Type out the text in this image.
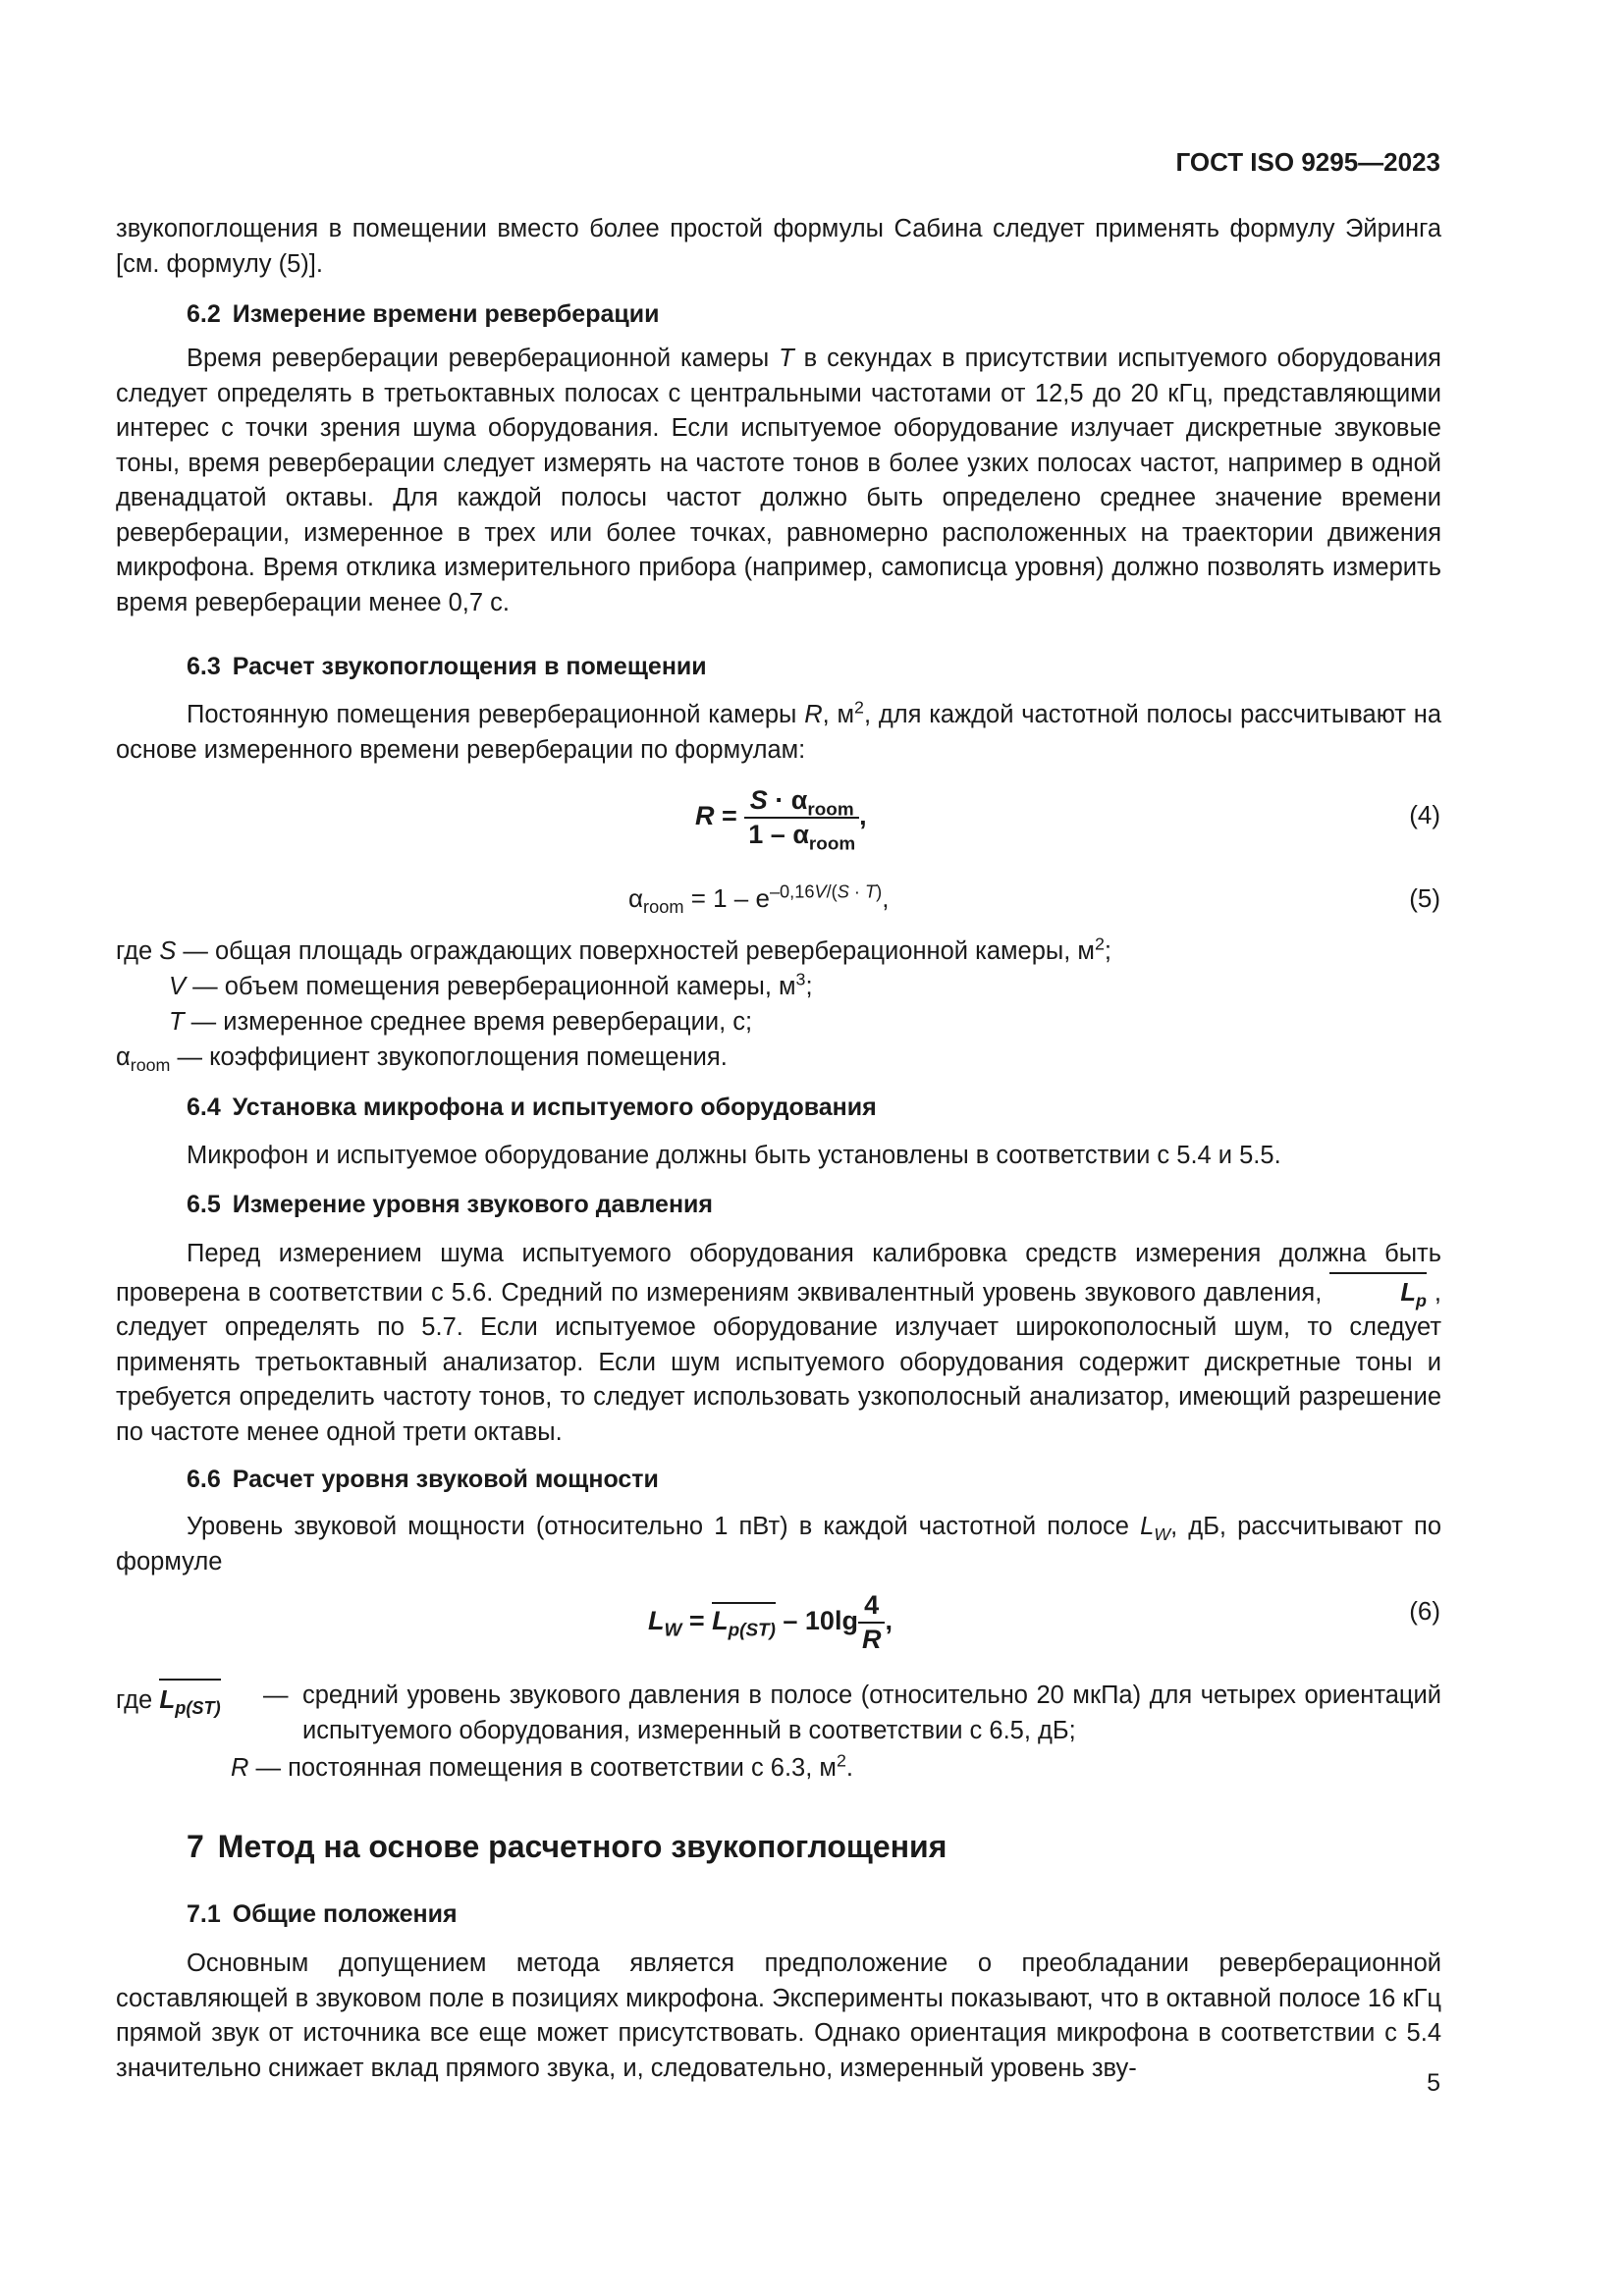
ГОСТ ISO 9295—2023

звукопоглощения в помещении вместо более простой формулы Сабина следует применять формулу Эйринга [см. формулу (5)].

6.2 Измерение времени реверберации

Время реверберации реверберационной камеры T в секундах в присутствии испытуемого оборудования следует определять в третьоктавных полосах с центральными частотами от 12,5 до 20 кГц, представляющими интерес с точки зрения шума оборудования. Если испытуемое оборудование излучает дискретные звуковые тоны, время реверберации следует измерять на частоте тонов в более узких полосах частот, например в одной двенадцатой октавы. Для каждой полосы частот должно быть определено среднее значение времени реверберации, измеренное в трех или более точках, равномерно расположенных на траектории движения микрофона. Время отклика измерительного прибора (например, самописца уровня) должно позволять измерить время реверберации менее 0,7 с.

6.3 Расчет звукопоглощения в помещении

Постоянную помещения реверберационной камеры R, $м^2$, для каждой частотной полосы рассчитывают на основе измеренного времени реверберации по формулам:

$R = \frac{S \cdot \alpha_{room}}{1 - \alpha_{room}}$ ,	(4)
$\alpha_{room} = 1 - e^{-0,16V/(S \cdot T)}$,	(5)
где S — общая площадь ограждающих поверхностей реверберационной камеры, $м^2$;
V — объем помещения реверберационной камеры, $м^3$;
T — измеренное среднее время реверберации, с;
$\alpha_{room}$ — коэффициент звукопоглощения помещения.
6.4 Установка микрофона и испытуемого оборудования

Микрофон и испытуемое оборудование должны быть установлены в соответствии с 5.4 и 5.5.

6.5 Измерение уровня звукового давления

Перед измерением шума испытуемого оборудования калибровка средств измерения должна быть проверена в соответствии с 5.6. Средний по измерениям эквивалентный уровень звукового давления,	$L_p$ , следует определять по 5.7. Если испытуемое оборудование излучает широкополосный шум, то следует применять третьоктавный анализатор. Если шум испытуемого оборудования содержит дискретные тоны и требуется определить частоту тонов, то следует использовать узкополосный анализатор, имеющий разрешение по частоте менее одной трети октавы.

6.6 Расчет уровня звуковой мощности

Уровень звуковой мощности (относительно 1 пВт) в каждой частотной полосе $L_W$, дБ, рассчитывают по формуле

$L_W = L_{p(ST)} - 10\lg \frac{4}{R}$ ,	(6)
где $L_{p(ST)}$ — средний уровень звукового давления в полосе (относительно 20 мкПа) для четырех ориентаций испытуемого оборудования, измеренный в соответствии с 6.5, дБ;
R — постоянная помещения в соответствии с 6.3, $м^2$.
7 Метод на основе расчетного звукопоглощения
7.1 Общие положения

Основным допущением метода является предположение о преобладании реверберационной составляющей в звуковом поле в позициях микрофона. Эксперименты показывают, что в октавной полосе 16 кГц прямой звук от источника все еще может присутствовать. Однако ориентация микрофона в соответствии с 5.4 значительно снижает вклад прямого звука, и, следовательно, измеренный уровень зву-

5
